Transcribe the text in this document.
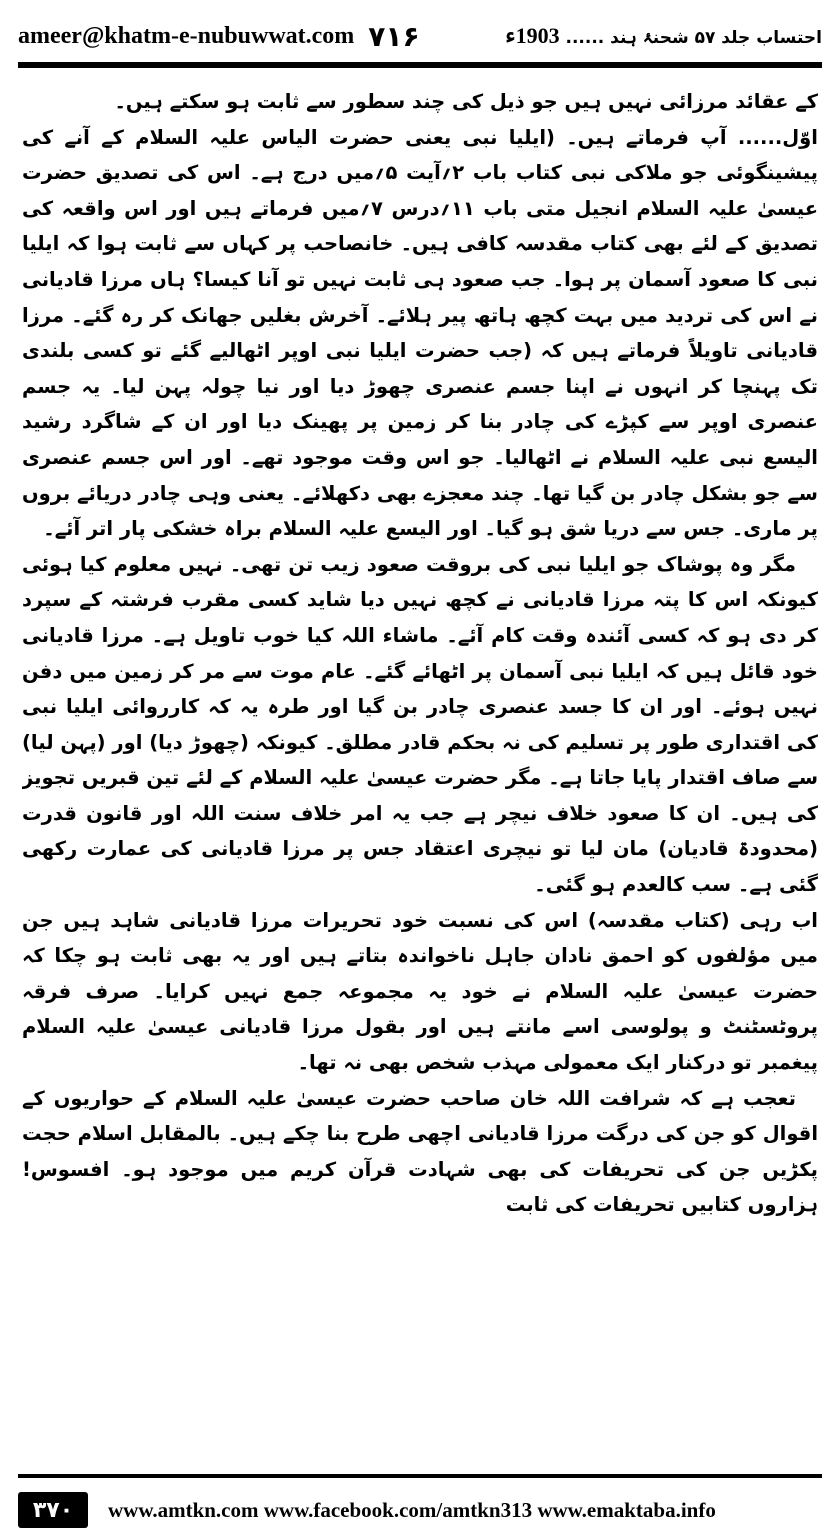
ameer@khatm-e-nubuwwat.com ۷۱۶	احتساب جلد ۵۷ شحنۂ ہند ...... 1903ء

کے عقائد مرزائی نہیں ہیں جو ذیل کی چند سطور سے ثابت ہو سکتے ہیں۔

اوّل...... آپ فرماتے ہیں۔ (ایلیا نبی یعنی حضرت الیاس علیہ السلام کے آنے کی پیشینگوئی جو ملاکی نبی کتاب باب ۲؍آیت ۵؍میں درج ہے۔ اس کی تصدیق حضرت عیسیٰ علیہ السلام انجیل متی باب ۱۱؍درس ۷؍میں فرماتے ہیں اور اس واقعہ کی تصدیق کے لئے بھی کتاب مقدسہ کافی ہیں۔ خانصاحب پر کہاں سے ثابت ہوا کہ ایلیا نبی کا صعود آسمان پر ہوا۔ جب صعود ہی ثابت نہیں تو آنا کیسا؟ ہاں مرزا قادیانی نے اس کی تردید میں بہت کچھ ہاتھ پیر ہلائے۔ آخرش بغلیں جھانک کر رہ گئے۔ مرزا قادیانی تاویلاً فرماتے ہیں کہ (جب حضرت ایلیا نبی اوپر اٹھالیے گئے تو کسی بلندی تک پہنچا کر انہوں نے اپنا جسم عنصری چھوڑ دیا اور نیا چولہ پہن لیا۔ یہ جسم عنصری اوپر سے کپڑے کی چادر بنا کر زمین پر پھینک دیا اور ان کے شاگرد رشید الیسع نبی علیہ السلام نے اٹھالیا۔ جو اس وقت موجود تھے۔ اور اس جسم عنصری سے جو بشکل چادر بن گیا تھا۔ چند معجزے بھی دکھلائے۔ یعنی وہی چادر دریائے بروں پر ماری۔ جس سے دریا شق ہو گیا۔ اور الیسع علیہ السلام براہ خشکی پار اتر آئے۔

مگر وہ پوشاک جو ایلیا نبی کی بروقت صعود زیب تن تھی۔ نہیں معلوم کیا ہوئی کیونکہ اس کا پتہ مرزا قادیانی نے کچھ نہیں دیا شاید کسی مقرب فرشتہ کے سپرد کر دی ہو کہ کسی آئندہ وقت کام آئے۔ ماشاء اللہ کیا خوب تاویل ہے۔ مرزا قادیانی خود قائل ہیں کہ ایلیا نبی آسمان پر اٹھائے گئے۔ عام موت سے مر کر زمین میں دفن نہیں ہوئے۔ اور ان کا جسد عنصری چادر بن گیا اور طرہ یہ کہ کارروائی ایلیا نبی کی اقتداری طور پر تسلیم کی نہ بحکم قادر مطلق۔ کیونکہ (چھوڑ دیا) اور (پہن لیا) سے صاف اقتدار پایا جاتا ہے۔ مگر حضرت عیسیٰ علیہ السلام کے لئے تین قبریں تجویز کی ہیں۔ ان کا صعود خلاف نیچر ہے جب یہ امر خلاف سنت اللہ اور قانون قدرت (محدودۃ قادیان) مان لیا تو نیچری اعتقاد جس پر مرزا قادیانی کی عمارت رکھی گئی ہے۔ سب کالعدم ہو گئی۔

اب رہی (کتاب مقدسہ) اس کی نسبت خود تحریرات مرزا قادیانی شاہد ہیں جن میں مؤلفوں کو احمق نادان جاہل ناخواندہ بتاتے ہیں اور یہ بھی ثابت ہو چکا کہ حضرت عیسیٰ علیہ السلام نے خود یہ مجموعہ جمع نہیں کرایا۔ صرف فرقہ پروٹسٹنٹ و پولوسی اسے مانتے ہیں اور بقول مرزا قادیانی عیسیٰ علیہ السلام پیغمبر تو درکنار ایک معمولی مہذب شخص بھی نہ تھا۔

تعجب ہے کہ شرافت اللہ خان صاحب حضرت عیسیٰ علیہ السلام کے حواریوں کے اقوال کو جن کی درگت مرزا قادیانی اچھی طرح بنا چکے ہیں۔ بالمقابل اسلام حجت پکڑیں جن کی تحریفات کی بھی شہادت قرآن کریم میں موجود ہو۔ افسوس! ہزاروں کتابیں تحریفات کی ثابت

۳۷۰	www.amtkn.com www.facebook.com/amtkn313 www.emaktaba.info
